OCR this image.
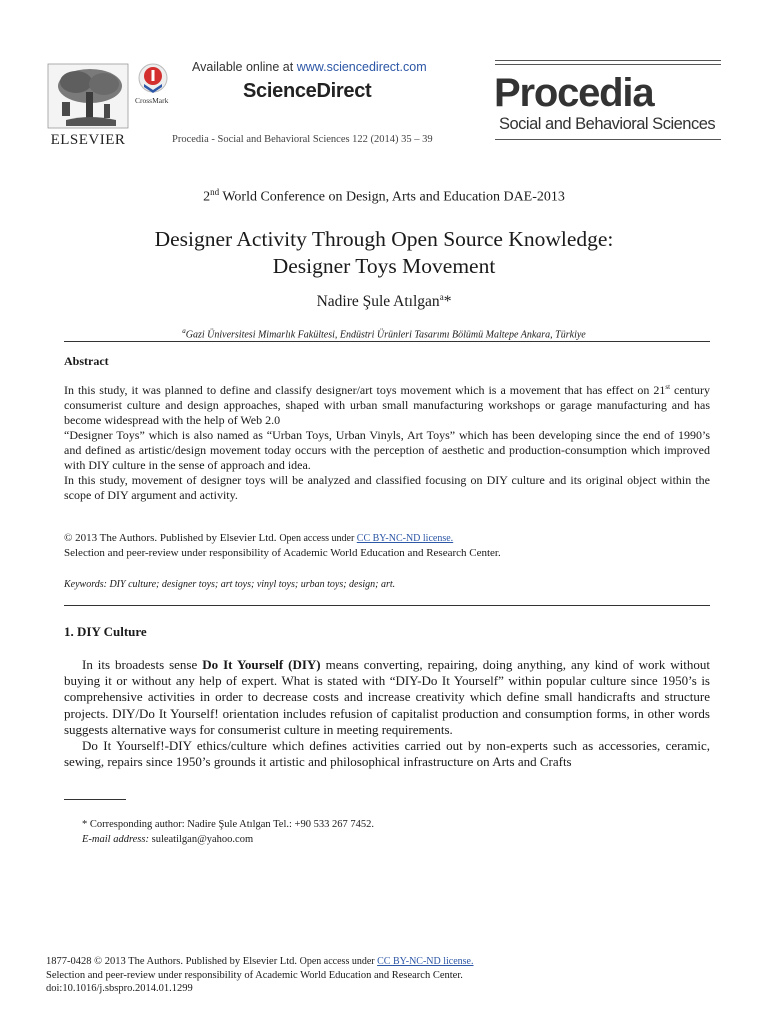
ELSEVIER
CrossMark
Available online at www.sciencedirect.com
ScienceDirect
Procedia - Social and Behavioral Sciences 122 (2014) 35 – 39
Procedia
Social and Behavioral Sciences
2nd World Conference on Design, Arts and Education DAE-2013
Designer Activity Through Open Source Knowledge:
Designer Toys Movement
Nadire Şule Atılgan$^a$*
$^a$Gazi Üniversitesi Mimarlık Fakültesi, Endüstri Ürünleri Tasarımı Bölümü Maltepe Ankara, Türkiye
Abstract

In this study, it was planned to define and classify designer/art toys movement which is a movement that has effect on 21st century consumerist culture and design approaches, shaped with urban small manufacturing workshops or garage manufacturing and has become widespread with the help of Web 2.0

“Designer Toys” which is also named as “Urban Toys, Urban Vinyls, Art Toys” which has been developing since the end of 1990’s and defined as artistic/design movement today occurs with the perception of aesthetic and production-consumption which improved with DIY culture in the sense of approach and idea.

In this study, movement of designer toys will be analyzed and classified focusing on DIY culture and its original object within the scope of DIY argument and activity.

© 2013 The Authors. Published by Elsevier Ltd. Open access under CC BY-NC-ND license.
Selection and peer-review under responsibility of Academic World Education and Research Center.
Keywords: DIY culture; designer toys; art toys; vinyl toys; urban toys; design; art.
1. DIY Culture

In its broadests sense Do It Yourself (DIY) means converting, repairing, doing anything, any kind of work without buying it or without any help of expert. What is stated with “DIY-Do It Yourself” within popular culture since 1950’s is comprehensive activities in order to decrease costs and increase creativity which define small handicrafts and structure projects. DIY/Do It Yourself! orientation includes refusion of capitalist production and consumption forms, in other words suggests alternative ways for consumerist culture in meeting requirements.

Do It Yourself!-DIY ethics/culture which defines activities carried out by non-experts such as accessories, ceramic, sewing, repairs since 1950’s grounds it artistic and philosophical infrastructure on Arts and Crafts

* Corresponding author: Nadire Şule Atılgan Tel.: +90 533 267 7452.
E-mail address: suleatilgan@yahoo.com
1877-0428 © 2013 The Authors. Published by Elsevier Ltd. Open access under CC BY-NC-ND license.
Selection and peer-review under responsibility of Academic World Education and Research Center.
doi:10.1016/j.sbspro.2014.01.1299
